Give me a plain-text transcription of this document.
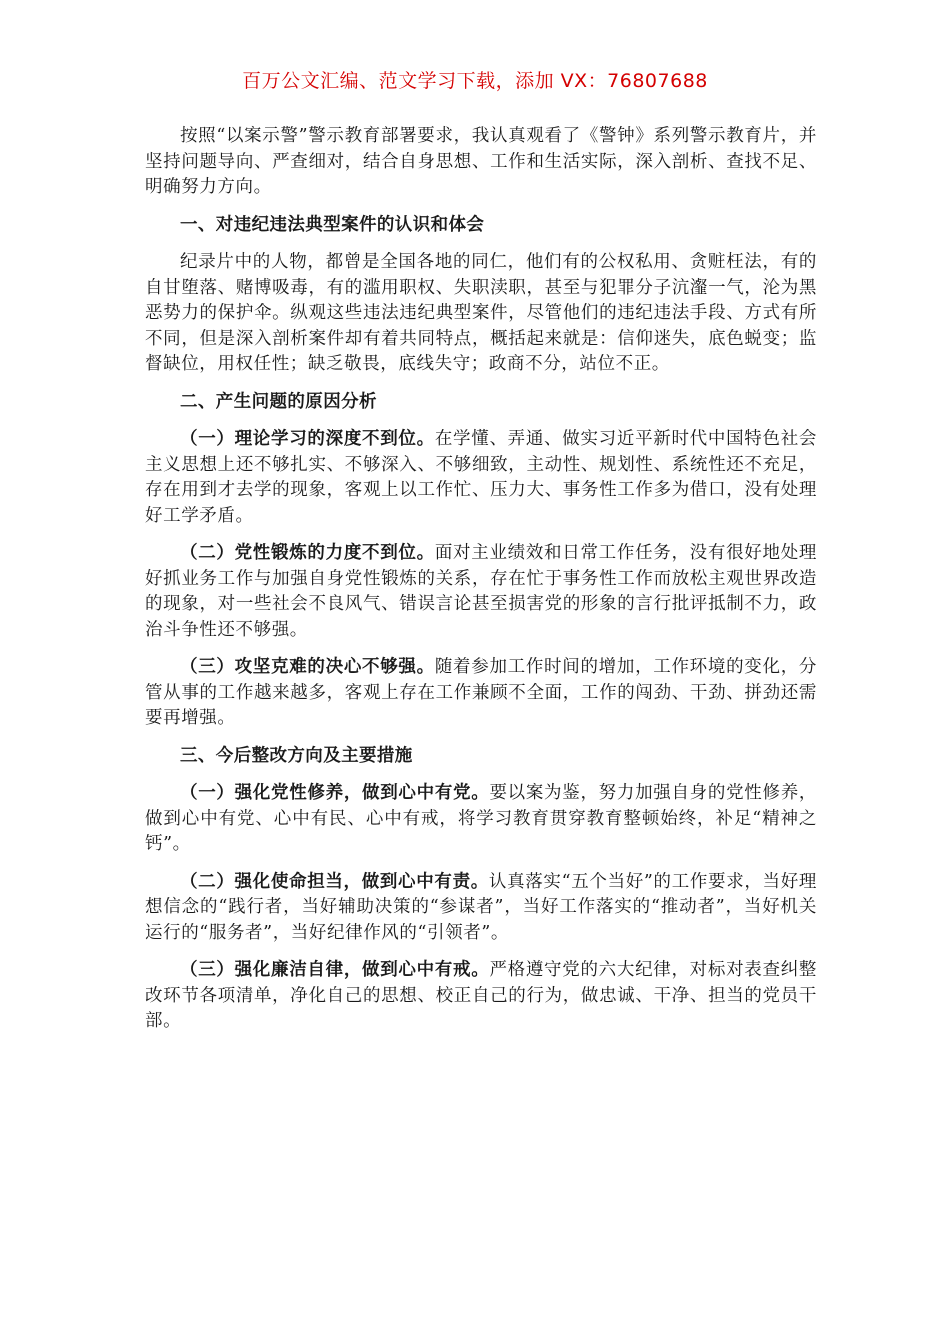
百万公文汇编、范文学习下载，添加 VX：76807688

按照“以案示警”警示教育部署要求，我认真观看了《警钟》系列警示教育片，并坚持问题导向、严查细对，结合自身思想、工作和生活实际，深入剖析、查找不足、明确努力方向。

一、对违纪违法典型案件的认识和体会

纪录片中的人物，都曾是全国各地的同仁，他们有的公权私用、贪赃枉法，有的自甘堕落、赌博吸毒，有的滥用职权、失职渎职，甚至与犯罪分子沆瀣一气，沦为黑恶势力的保护伞。纵观这些违法违纪典型案件，尽管他们的违纪违法手段、方式有所不同，但是深入剖析案件却有着共同特点，概括起来就是：信仰迷失，底色蜕变；监督缺位，用权任性；缺乏敬畏，底线失守；政商不分，站位不正。

二、产生问题的原因分析

（一）理论学习的深度不到位。在学懂、弄通、做实习近平新时代中国特色社会主义思想上还不够扎实、不够深入、不够细致，主动性、规划性、系统性还不充足，存在用到才去学的现象，客观上以工作忙、压力大、事务性工作多为借口，没有处理好工学矛盾。

（二）党性锻炼的力度不到位。面对主业绩效和日常工作任务，没有很好地处理好抓业务工作与加强自身党性锻炼的关系，存在忙于事务性工作而放松主观世界改造的现象，对一些社会不良风气、错误言论甚至损害党的形象的言行批评抵制不力，政治斗争性还不够强。

（三）攻坚克难的决心不够强。随着参加工作时间的增加，工作环境的变化，分管从事的工作越来越多，客观上存在工作兼顾不全面，工作的闯劲、干劲、拼劲还需要再增强。

三、今后整改方向及主要措施

（一）强化党性修养，做到心中有党。要以案为鉴，努力加强自身的党性修养，做到心中有党、心中有民、心中有戒，将学习教育贯穿教育整顿始终，补足“精神之钙”。

（二）强化使命担当，做到心中有责。认真落实“五个当好”的工作要求，当好理想信念的“践行者，当好辅助决策的“参谋者”，当好工作落实的“推动者”，当好机关运行的“服务者”，当好纪律作风的“引领者”。

（三）强化廉洁自律，做到心中有戒。严格遵守党的六大纪律，对标对表查纠整改环节各项清单，净化自己的思想、校正自己的行为，做忠诚、干净、担当的党员干部。
